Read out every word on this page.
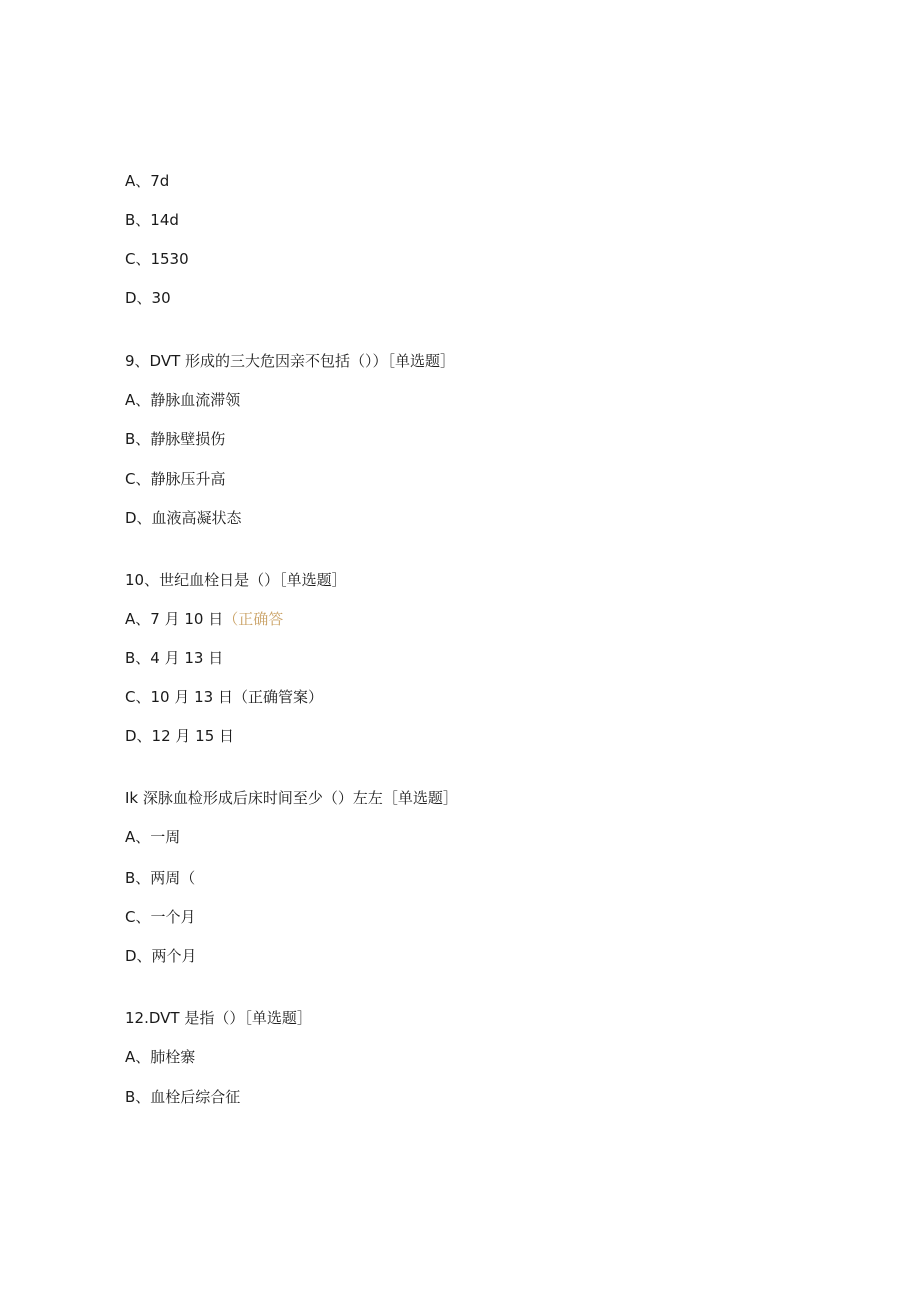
A、7d
B、14d
C、1530
D、30
9、DVT 形成的三大危因亲不包括（））［单选题］
A、静脉血流滞领
B、静脉壁损伤
C、静脉压升高
D、血液高凝状态
10、世纪血栓日是（）［单选题］
A、7 月 10 日（正确答
B、4 月 13 日
C、10 月 13 日（正确管案）
D、12 月 15 日
Ik 深脉血检形成后床时间至少（）左左［单选题］
A、一周
B、两周（
C、一个月
D、两个月
12.DVT 是指（）［单选题］
A、肺栓寨
B、血栓后综合征
